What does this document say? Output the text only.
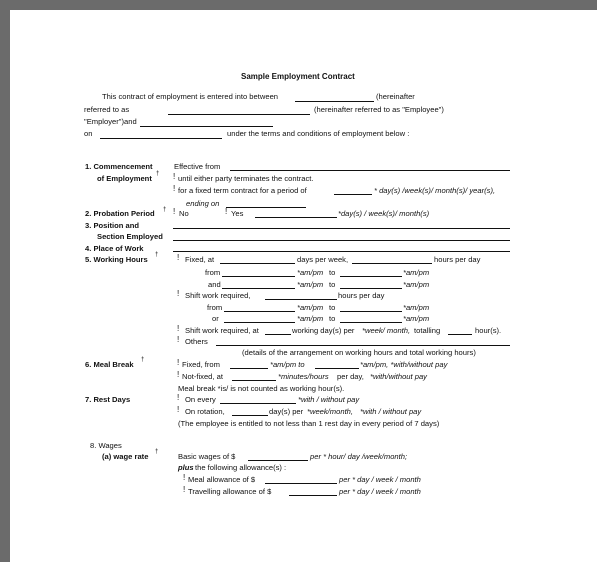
Sample Employment Contract
This contract of employment is entered into between	(hereinafter
referred to as	(hereinafter referred to as "Employee")
"Employer")and
on	under the terms and conditions of employment below :
1. Commencement
of Employment †
Effective from
! until either party terminates the contract.
! for a fixed term contract for a period of	* day(s) /week(s)/ month(s)/ year(s),
ending on
2. Probation Period † ! No	! Yes	*day(s) / week(s)/ month(s)
3. Position and
Section Employed
4. Place of Work
5. Working Hours † ! Fixed, at	days per week,	hours per day
from	*am/pm to	*am/pm
and	*am/pm to	*am/pm
! Shift work required,	hours per day
from	*am/pm to	*am/pm
or	*am/pm to	*am/pm
! Shift work required, at	working day(s) per *week/ month, totalling	hour(s).
! Others
(details of the arrangement on working hours and total working hours)
6. Meal Break †	! Fixed, from	*am/pm to	*am/pm, *with/without pay
! Not-fixed, at	*minutes/hours per day, *with/without pay
Meal break *is/ is not counted as working hour(s).
7. Rest Days	! On every	*with / without pay
! On rotation,	day(s) per *week/month, *with / without pay
(The employee is entitled to not less than 1 rest day in every period of 7 days)
8. Wages
(a) wage rate †	Basic wages of $	per * hour/ day /week/month;
plus the following allowance(s) :
! Meal allowance of $	per * day / week / month
! Travelling allowance of $	per * day / week / month
